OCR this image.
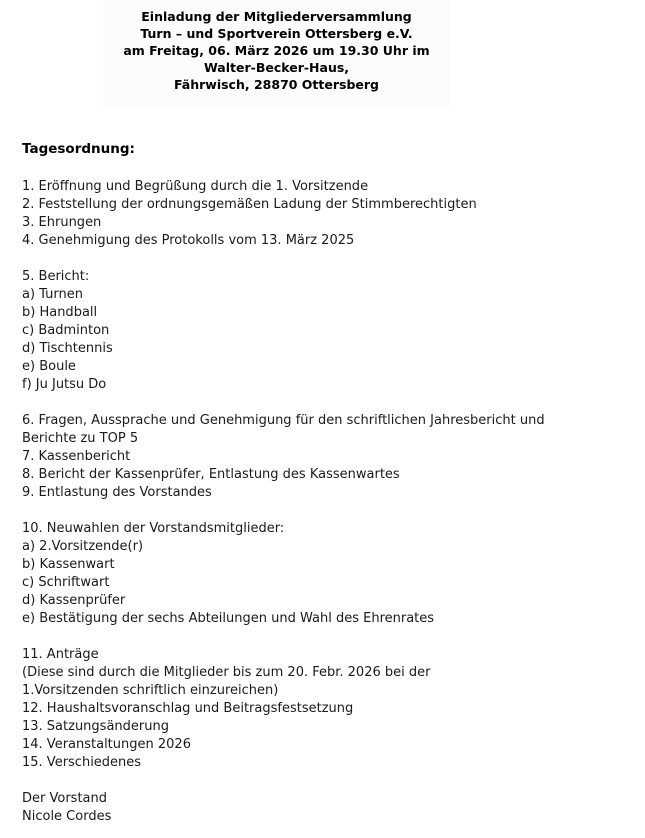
Einladung der Mitgliederversammlung
Turn – und Sportverein Ottersberg e.V.
am Freitag, 06. März 2026 um 19.30 Uhr im
Walter-Becker-Haus,
Fährwisch, 28870 Ottersberg
Tagesordnung:

1. Eröffnung und Begrüßung durch die 1. Vorsitzende

2. Feststellung der ordnungsgemäßen Ladung der Stimmberechtigten

3. Ehrungen

4. Genehmigung des Protokolls vom 13. März 2025

5. Bericht:

a) Turnen

b) Handball

c) Badminton

d) Tischtennis

e) Boule

f) Ju Jutsu Do

6. Fragen, Aussprache und Genehmigung für den schriftlichen Jahresbericht und

Berichte zu TOP 5

7. Kassenbericht

8. Bericht der Kassenprüfer, Entlastung des Kassenwartes

9. Entlastung des Vorstandes

10. Neuwahlen der Vorstandsmitglieder:

a) 2.Vorsitzende(r)

b) Kassenwart

c) Schriftwart

d) Kassenprüfer

e) Bestätigung der sechs Abteilungen und Wahl des Ehrenrates

11. Anträge

(Diese sind durch die Mitglieder bis zum 20. Febr. 2026 bei der

1.Vorsitzenden schriftlich einzureichen)

12. Haushaltsvoranschlag und Beitragsfestsetzung

13. Satzungsänderung

14. Veranstaltungen 2026

15. Verschiedenes

Der Vorstand

Nicole Cordes
